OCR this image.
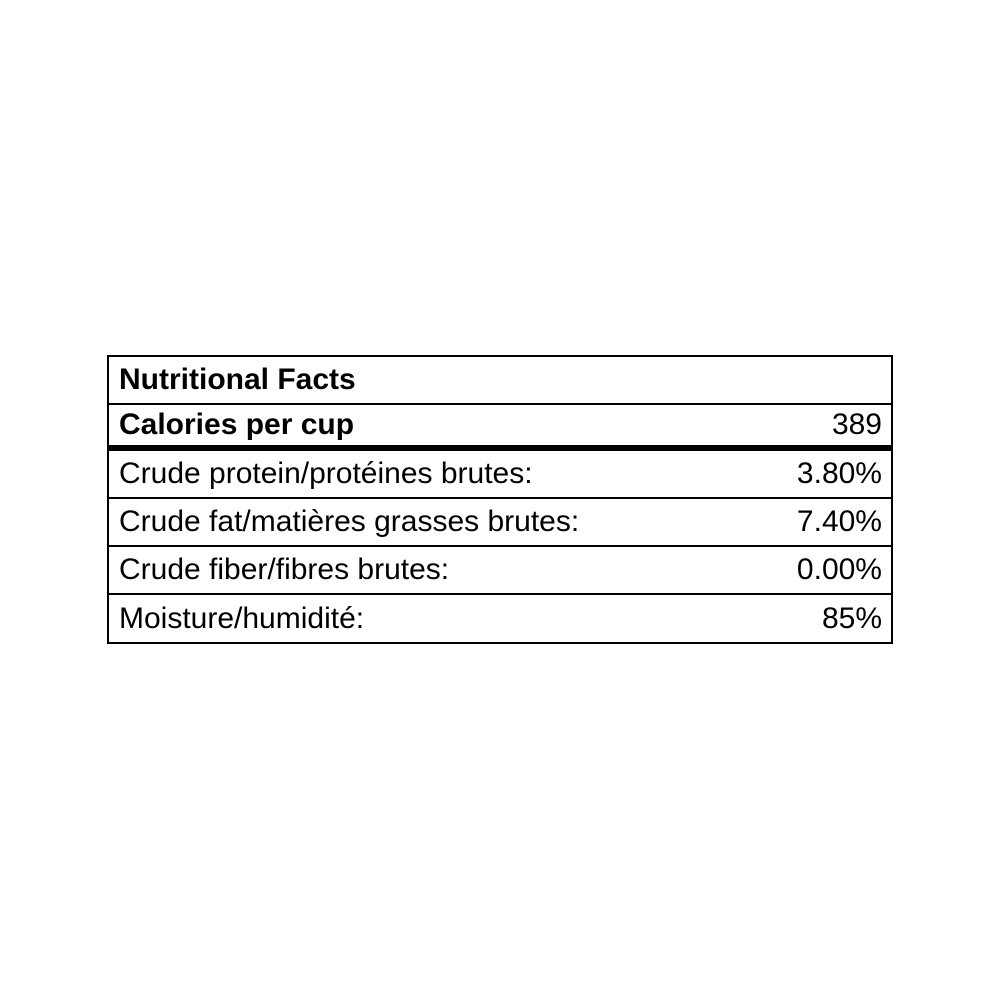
Nutritional Facts
Calories per cup	389
Crude protein/protéines brutes:	3.80%
Crude fat/matières grasses brutes:	7.40%
Crude fiber/fibres brutes:	0.00%
Moisture/humidité:	85%
